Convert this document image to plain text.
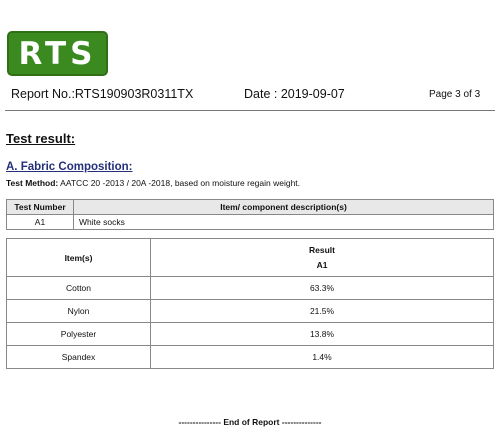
RTS
Report No.:RTS190903R0311TX	Date : 2019-09-07	Page 3 of 3
Test result:
A. Fabric Composition:
Test Method: AATCC 20 -2013 / 20A -2018, based on moisture regain weight.
Test Number	Item/ component description(s)
A1	White socks
Item(s)	Result
A1

Cotton	63.3%
Nylon	21.5%
Polyester	13.8%
Spandex	1.4%
--------------- End of Report --------------
